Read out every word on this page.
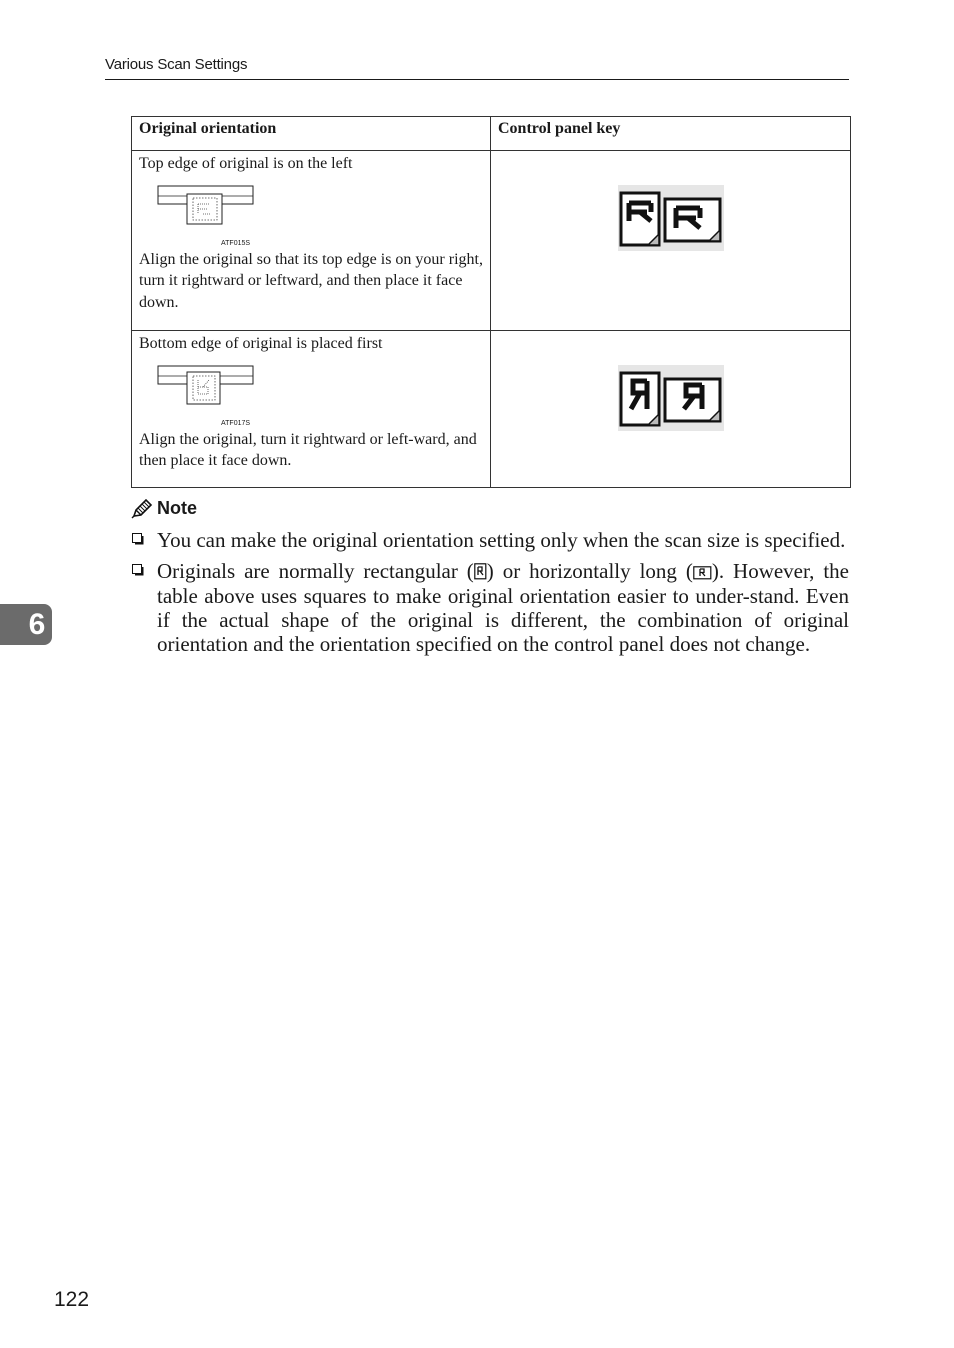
Various Scan Settings
Original orientation	Control panel key

Top edge of original is on the left

ATF015S

Align the original so that its top edge is on your right, turn it rightward or leftward, and then place it face down.

Bottom edge of original is placed first

ATF017S

Align the original, turn it rightward or left-ward, and then place it face down.

Note
You can make the original orientation setting only when the scan size is specified.
Originals are normally rectangular ( ) or horizontally long ( ). However, the table above uses squares to make original orientation easier to under-stand. Even if the actual shape of the original is different, the combination of original orientation and the orientation specified on the control panel does not change.
6
122
